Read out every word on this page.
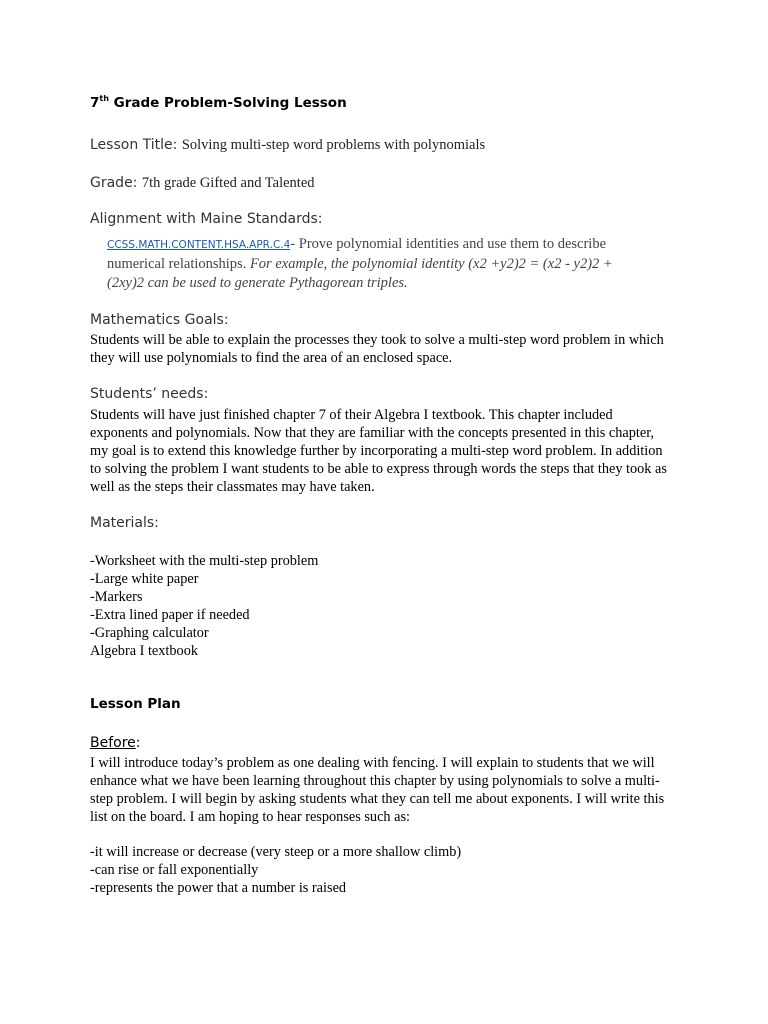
7th Grade Problem-Solving Lesson
Lesson Title: Solving multi-step word problems with polynomials
Grade: 7th grade Gifted and Talented
Alignment with Maine Standards:
CCSS.MATH.CONTENT.HSA.APR.C.4- Prove polynomial identities and use them to describe numerical relationships. For example, the polynomial identity (x2 +y2)2 = (x2 - y2)2 + (2xy)2 can be used to generate Pythagorean triples.
Mathematics Goals:
Students will be able to explain the processes they took to solve a multi-step word problem in which they will use polynomials to find the area of an enclosed space.
Students’ needs:
Students will have just finished chapter 7 of their Algebra I textbook. This chapter included exponents and polynomials. Now that they are familiar with the concepts presented in this chapter, my goal is to extend this knowledge further by incorporating a multi-step word problem. In addition to solving the problem I want students to be able to express through words the steps that they took as well as the steps their classmates may have taken.
Materials:
-Worksheet with the multi-step problem
-Large white paper
-Markers
-Extra lined paper if needed
-Graphing calculator
Algebra I textbook
Lesson Plan
Before:
I will introduce today’s problem as one dealing with fencing. I will explain to students that we will enhance what we have been learning throughout this chapter by using polynomials to solve a multi-step problem. I will begin by asking students what they can tell me about exponents. I will write this list on the board. I am hoping to hear responses such as:
-it will increase or decrease (very steep or a more shallow climb)
-can rise or fall exponentially
-represents the power that a number is raised
